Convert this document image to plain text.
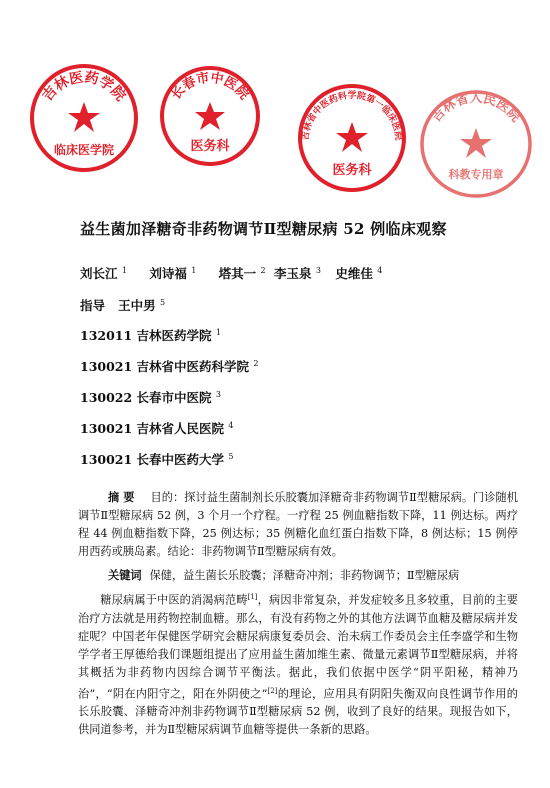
吉林医药学院
临床医学院
长春市中医院
医务科
吉林省中医药科学院第一临床医院
医务科
吉林省人民医院
科教专用章
益生菌加泽糖奇非药物调节Ⅱ型糖尿病 52 例临床观察
刘长江 $^1$ 刘诗福 $^1$ 塔其一 $^2$ 李玉泉 $^3$ 史维佳 $^4$
指导 王中男 $^5$
132011 吉林医药学院 $^1$
130021 吉林省中医药科学院 $^2$
130022 长春市中医院 $^3$
130021 吉林省人民医院 $^4$
130021 长春中医药大学 $^5$
摘要 目的：探讨益生菌制剂长乐胶囊加泽糖奇非药物调节Ⅱ型糖尿病。门诊随机调节Ⅱ型糖尿病 52 例，3 个月一个疗程。一疗程 25 例血糖指数下降，11 例达标。两疗程 44 例血糖指数下降，25 例达标；35 例糖化血红蛋白指数下降，8 例达标；15 例停用西药或胰岛素。结论：非药物调节Ⅱ型糖尿病有效。
关键词 保健，益生菌长乐胶囊；泽糖奇冲剂；非药物调节；Ⅱ型糖尿病

糖尿病属于中医的消渴病范畴[1]，病因非常复杂，并发症较多且多较重，目前的主要治疗方法就是用药物控制血糖。那么，有没有药物之外的其他方法调节血糖及糖尿病并发症呢？中国老年保健医学研究会糖尿病康复委员会、治未病工作委员会主任李盛学和生物学学者王厚德给我们课题组提出了应用益生菌加维生素、微量元素调节Ⅱ型糖尿病，并将其概括为非药物内因综合调节平衡法。据此，我们依据中医学“阴平阳秘，精神乃治”，“阴在内阳守之，阳在外阴使之”[2]的理论，应用具有阴阳失衡双向良性调节作用的长乐胶囊、泽糖奇冲剂非药物调节Ⅱ型糖尿病 52 例，收到了良好的结果。现报告如下，供同道参考，并为Ⅱ型糖尿病调节血糖等提供一条新的思路。
